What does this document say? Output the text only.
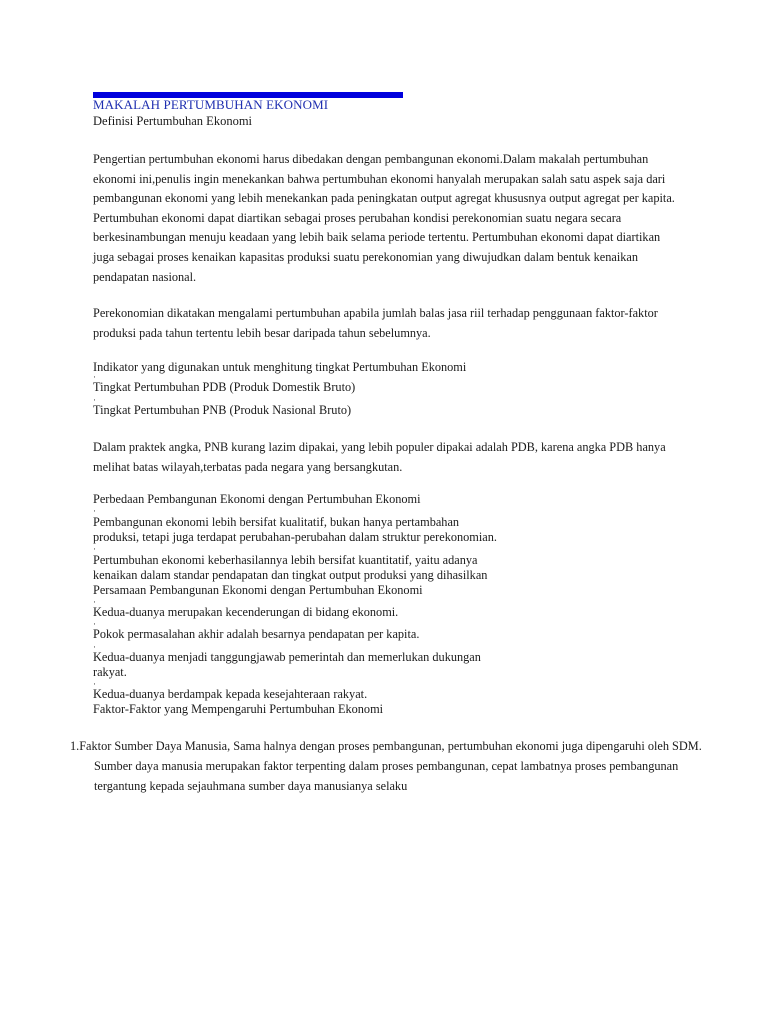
MAKALAH PERTUMBUHAN EKONOMI
Definisi Pertumbuhan Ekonomi

Pengertian pertumbuhan ekonomi harus dibedakan dengan pembangunan ekonomi.Dalam makalah pertumbuhan ekonomi ini,penulis ingin menekankan bahwa pertumbuhan ekonomi hanyalah merupakan salah satu aspek saja dari pembangunan ekonomi yang lebih menekankan pada peningkatan output agregat khususnya output agregat per kapita. Pertumbuhan ekonomi dapat diartikan sebagai proses perubahan kondisi perekonomian suatu negara secara berkesinambungan menuju keadaan yang lebih baik selama periode tertentu. Pertumbuhan ekonomi dapat diartikan juga sebagai proses kenaikan kapasitas produksi suatu perekonomian yang diwujudkan dalam bentuk kenaikan pendapatan nasional.

Perekonomian dikatakan mengalami pertumbuhan apabila jumlah balas jasa riil terhadap penggunaan faktor-faktor produksi pada tahun tertentu lebih besar daripada tahun sebelumnya.

Indikator yang digunakan untuk menghitung tingkat Pertumbuhan Ekonomi
·
Tingkat Pertumbuhan PDB (Produk Domestik Bruto)
·
Tingkat Pertumbuhan PNB (Produk Nasional Bruto)

Dalam praktek angka, PNB kurang lazim dipakai, yang lebih populer dipakai adalah PDB, karena angka PDB hanya melihat batas wilayah,terbatas pada negara yang bersangkutan.

Perbedaan Pembangunan Ekonomi dengan Pertumbuhan Ekonomi
·
Pembangunan ekonomi lebih bersifat kualitatif, bukan hanya pertambahan
produksi, tetapi juga terdapat perubahan-perubahan dalam struktur perekonomian.
·
Pertumbuhan ekonomi keberhasilannya lebih bersifat kuantitatif, yaitu adanya
kenaikan dalam standar pendapatan dan tingkat output produksi yang dihasilkan
Persamaan Pembangunan Ekonomi dengan Pertumbuhan Ekonomi
·
Kedua-duanya merupakan kecenderungan di bidang ekonomi.
·
Pokok permasalahan akhir adalah besarnya pendapatan per kapita.
·
Kedua-duanya menjadi tanggungjawab pemerintah dan memerlukan dukungan
rakyat.
·
Kedua-duanya berdampak kepada kesejahteraan rakyat.
Faktor-Faktor yang Mempengaruhi Pertumbuhan Ekonomi

1.Faktor Sumber Daya Manusia, Sama halnya dengan proses pembangunan, pertumbuhan ekonomi juga dipengaruhi oleh SDM. Sumber daya manusia merupakan faktor terpenting dalam proses pembangunan, cepat lambatnya proses pembangunan tergantung kepada sejauhmana sumber daya manusianya selaku
